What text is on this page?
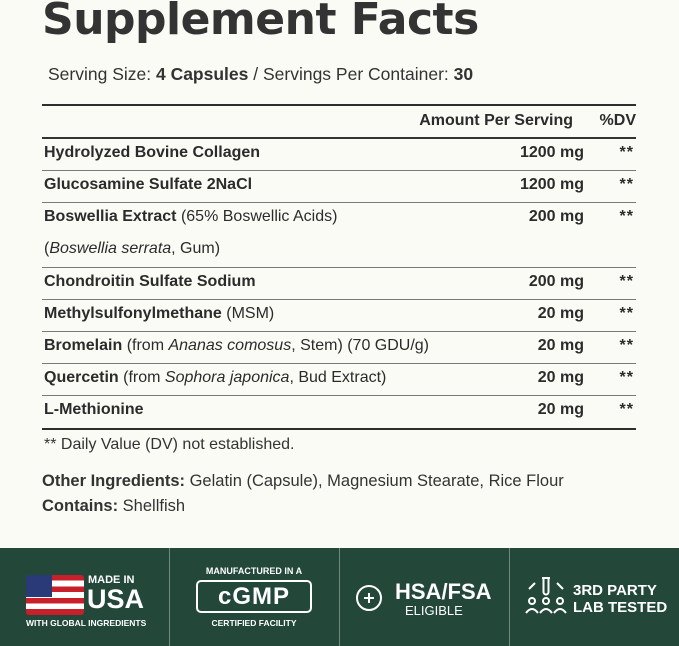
Supplement Facts
Serving Size: 4 Capsules / Servings Per Container: 30
Amount Per Serving %DV
Hydrolyzed Bovine Collagen	1200 mg **
Glucosamine Sulfate 2NaCl	1200 mg **
Boswellia Extract (65% Boswellic Acids)
(Boswellia serrata, Gum)
200 mg **
Chondroitin Sulfate Sodium	200 mg **
Methylsulfonylmethane (MSM)	20 mg **
Bromelain (from Ananas comosus, Stem) (70 GDU/g)	20 mg **
Quercetin (from Sophora japonica, Bud Extract)	20 mg **
L-Methionine	20 mg **
** Daily Value (DV) not established.
Other Ingredients: Gelatin (Capsule), Magnesium Stearate, Rice Flour
Contains: Shellfish
MADE IN
USA
WITH GLOBAL INGREDIENTS
MANUFACTURED IN A
cGMP
CERTIFIED FACILITY
HSA/FSA
ELIGIBLE
3RD PARTY
LAB TESTED
